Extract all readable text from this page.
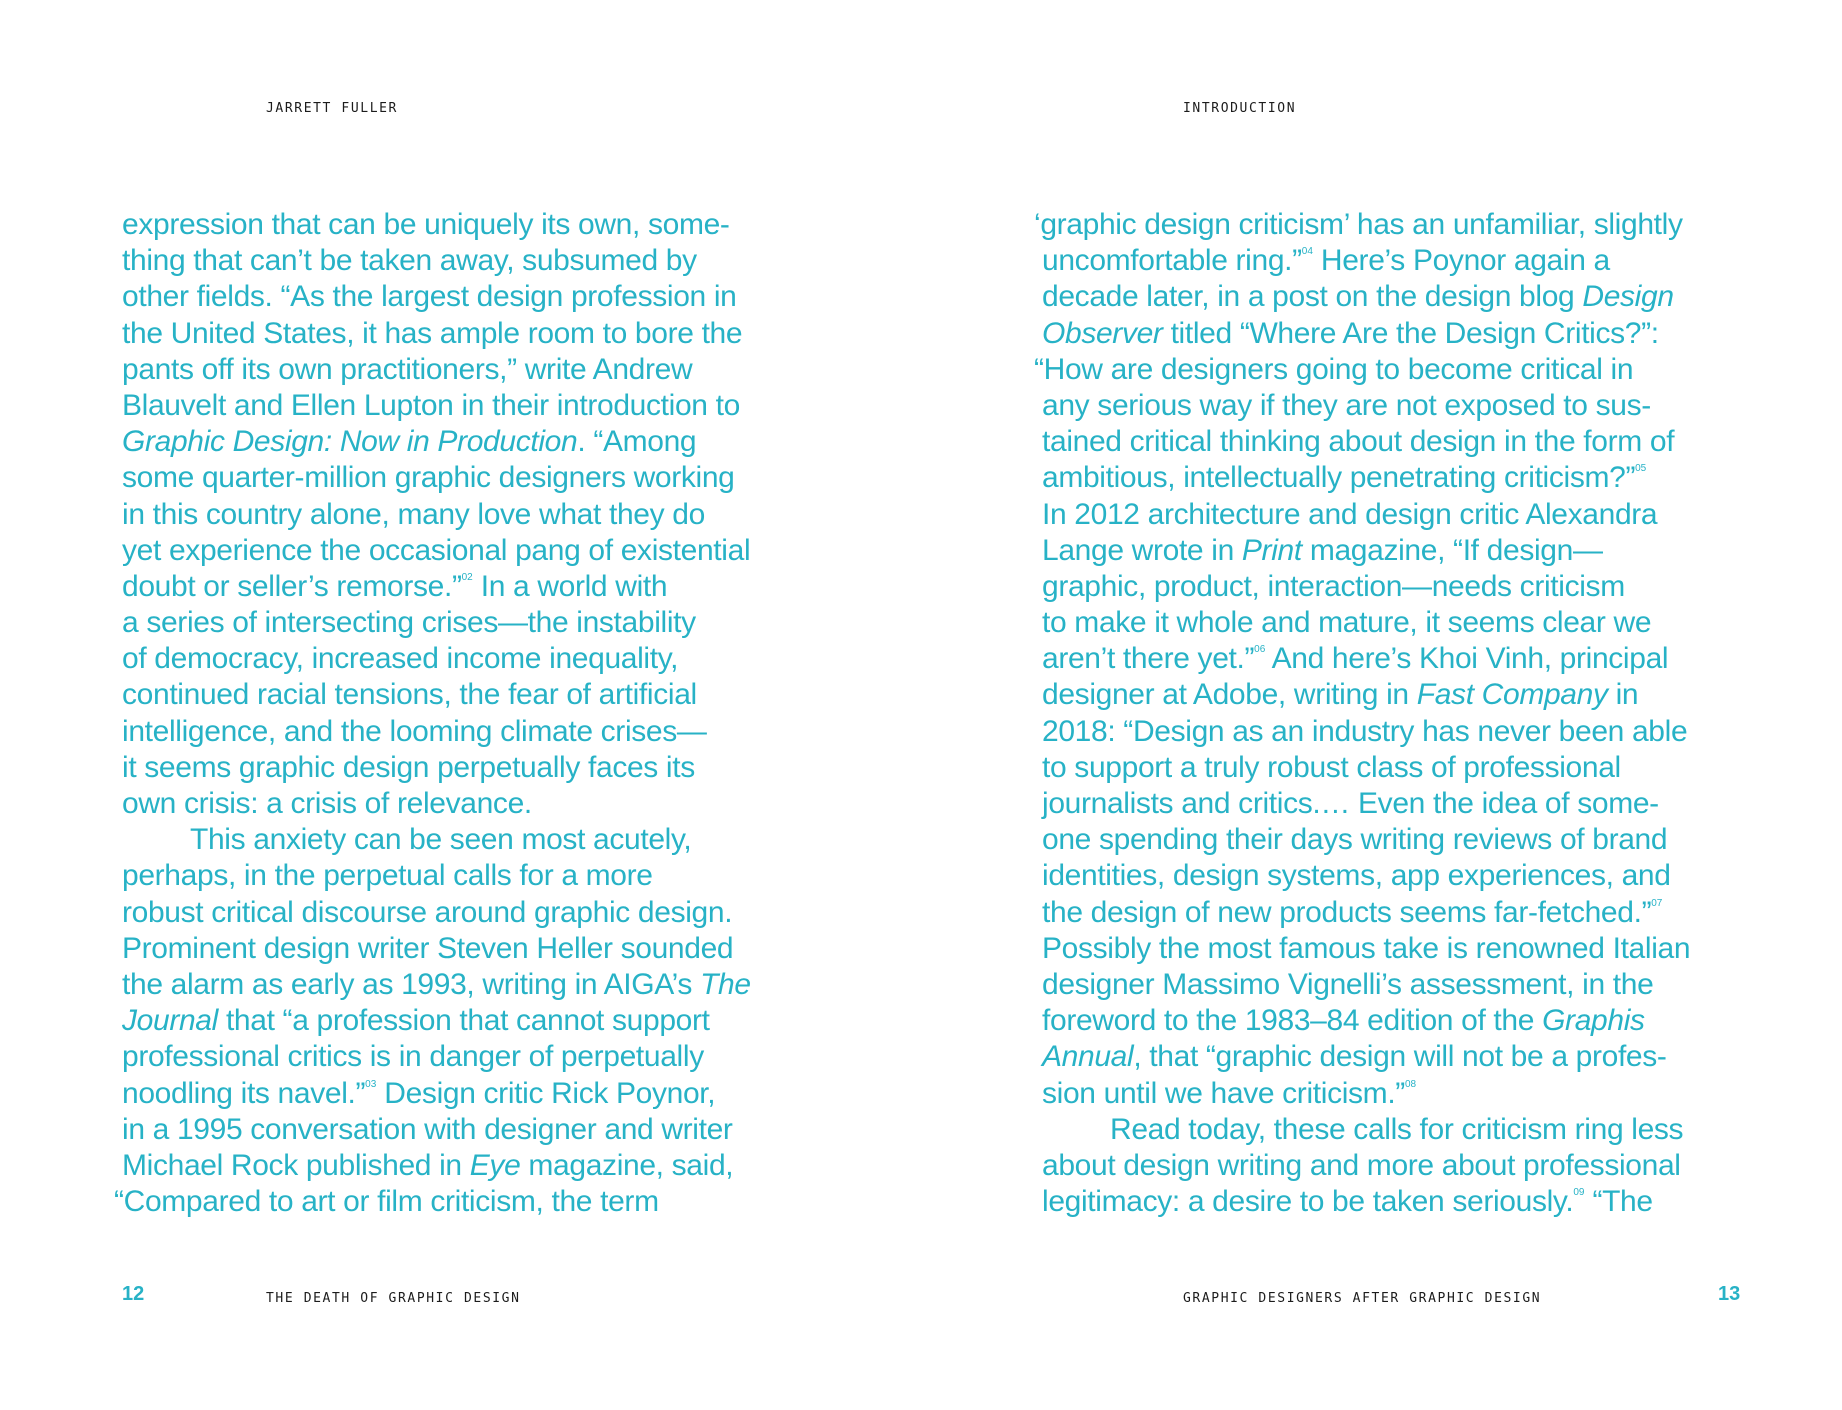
JARRETT FULLER
expression that can be uniquely its own, some-
thing that can’t be taken away, subsumed by
other fields. “As the largest design profession in
the United States, it has ample room to bore the
pants off its own practitioners,” write Andrew
Blauvelt and Ellen Lupton in their introduction to
Graphic Design: Now in Production. “Among
some quarter-million graphic designers working
in this country alone, many love what they do
yet experience the occasional pang of existential
doubt or seller’s remorse.”$^{02}$ In a world with
a series of intersecting crises—the instability
of democracy, increased income inequality,
continued racial tensions, the fear of artificial
intelligence, and the looming climate crises—
it seems graphic design perpetually faces its
own crisis: a crisis of relevance.
This anxiety can be seen most acutely,
perhaps, in the perpetual calls for a more
robust critical discourse around graphic design.
Prominent design writer Steven Heller sounded
the alarm as early as 1993, writing in AIGA’s The
Journal that “a profession that cannot support
professional critics is in danger of perpetually
noodling its navel.”$^{03}$ Design critic Rick Poynor,
in a 1995 conversation with designer and writer
Michael Rock published in Eye magazine, said,
“Compared to art or film criticism, the term
12	THE DEATH OF GRAPHIC DESIGN
INTRODUCTION
‘graphic design criticism’ has an unfamiliar, slightly
uncomfortable ring.”$^{04}$ Here’s Poynor again a
decade later, in a post on the design blog Design
Observer titled “Where Are the Design Critics?”:
“How are designers going to become critical in
any serious way if they are not exposed to sus-
tained critical thinking about design in the form of
ambitious, intellectually penetrating criticism?”$^{05}$
In 2012 architecture and design critic Alexandra
Lange wrote in Print magazine, “If design—
graphic, product, interaction—needs criticism
to make it whole and mature, it seems clear we
aren’t there yet.”$^{06}$ And here’s Khoi Vinh, principal
designer at Adobe, writing in Fast Company in
2018: “Design as an industry has never been able
to support a truly robust class of professional
journalists and critics.… Even the idea of some-
one spending their days writing reviews of brand
identities, design systems, app experiences, and
the design of new products seems far-fetched.”$^{07}$
Possibly the most famous take is renowned Italian
designer Massimo Vignelli’s assessment, in the
foreword to the 1983–84 edition of the Graphis
Annual, that “graphic design will not be a profes-
sion until we have criticism.”$^{08}$
Read today, these calls for criticism ring less
about design writing and more about professional
legitimacy: a desire to be taken seriously.$^{09}$ “The
13
GRAPHIC DESIGNERS AFTER GRAPHIC DESIGN
